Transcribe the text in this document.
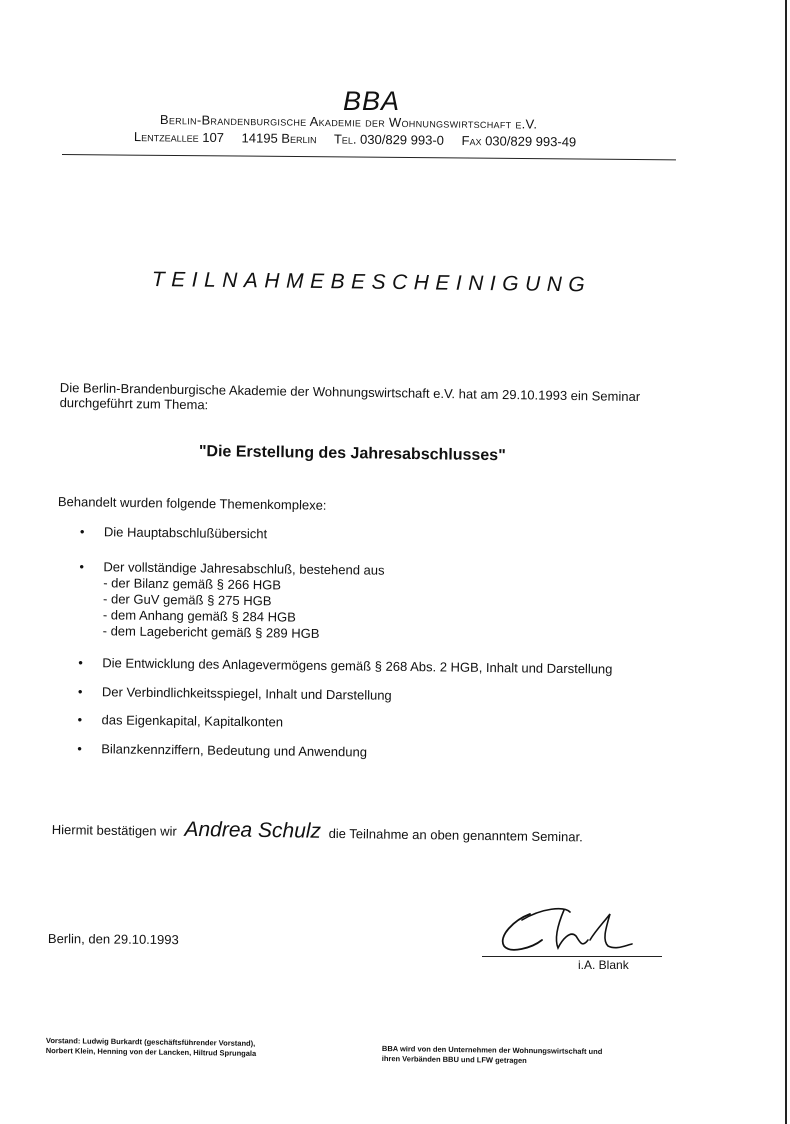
BBA
Berlin-Brandenburgische Akademie der Wohnungswirtschaft e.V.
Lentzeallee 107 14195 Berlin Tel. 030/829 993-0 Fax 030/829 993-49
TEILNAHMEBESCHEINIGUNG
Die Berlin-Brandenburgische Akademie der Wohnungswirtschaft e.V. hat am 29.10.1993 ein Seminar durchgeführt zum Thema:
"Die Erstellung des Jahresabschlusses"
Behandelt wurden folgende Themenkomplexe:
• Die Hauptabschlußübersicht
• Der vollständige Jahresabschluß, bestehend aus
- der Bilanz gemäß § 266 HGB
- der GuV gemäß § 275 HGB
- dem Anhang gemäß § 284 HGB
- dem Lagebericht gemäß § 289 HGB
• Die Entwicklung des Anlagevermögens gemäß § 268 Abs. 2 HGB, Inhalt und Darstellung
• Der Verbindlichkeitsspiegel, Inhalt und Darstellung
• das Eigenkapital, Kapitalkonten
• Bilanzkennziffern, Bedeutung und Anwendung
Hiermit bestätigen wir Andrea Schulz die Teilnahme an oben genanntem Seminar.
Berlin, den 29.10.1993
i.A. Blank
Vorstand: Ludwig Burkardt (geschäftsführender Vorstand),
Norbert Klein, Henning von der Lancken, Hiltrud Sprungala	BBA wird von den Unternehmen der Wohnungswirtschaft und
ihren Verbänden BBU und LFW getragen
